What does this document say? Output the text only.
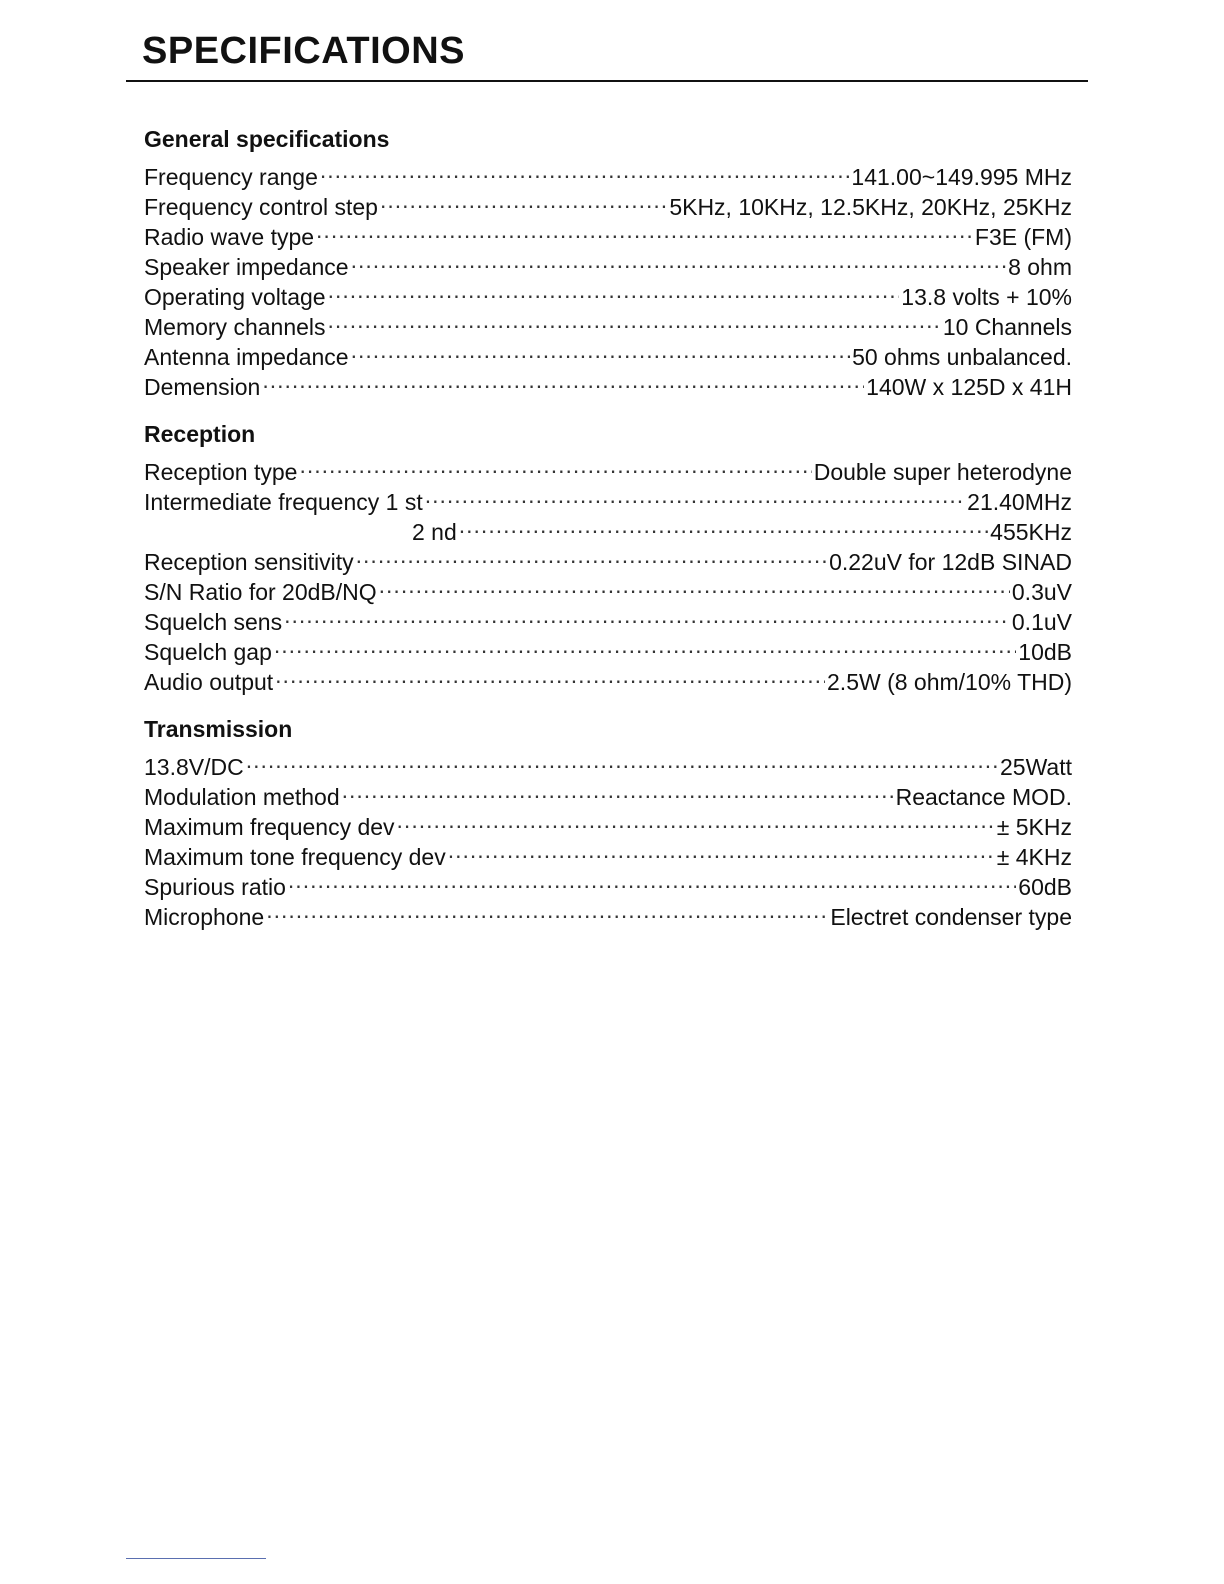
SPECIFICATIONS
General specifications
Frequency range .....	141.00~149.995 MHz
Frequency control step .....	5KHz, 10KHz, 12.5KHz, 20KHz, 25KHz
Radio wave type .....	F3E (FM)
Speaker impedance .....	8 ohm
Operating voltage .....	13.8 volts + 10%
Memory channels .....	10 Channels
Antenna impedance .....	50 ohms unbalanced.
Demension .....	140W x 125D x 41H
Reception
Reception type .....	Double super heterodyne
Intermediate frequency 1 st .....	21.40MHz
2 nd .....	455KHz
Reception sensitivity .....	0.22uV for 12dB SINAD
S/N Ratio for 20dB/NQ .....	0.3uV
Squelch sens .....	0.1uV
Squelch gap .....	10dB
Audio output .....	2.5W (8 ohm/10% THD)
Transmission
13.8V/DC .....	25Watt
Modulation method .....	Reactance MOD.
Maximum frequency dev .....	± 5KHz
Maximum tone frequency dev .....	± 4KHz
Spurious ratio .....	60dB
Microphone .....	Electret condenser type
